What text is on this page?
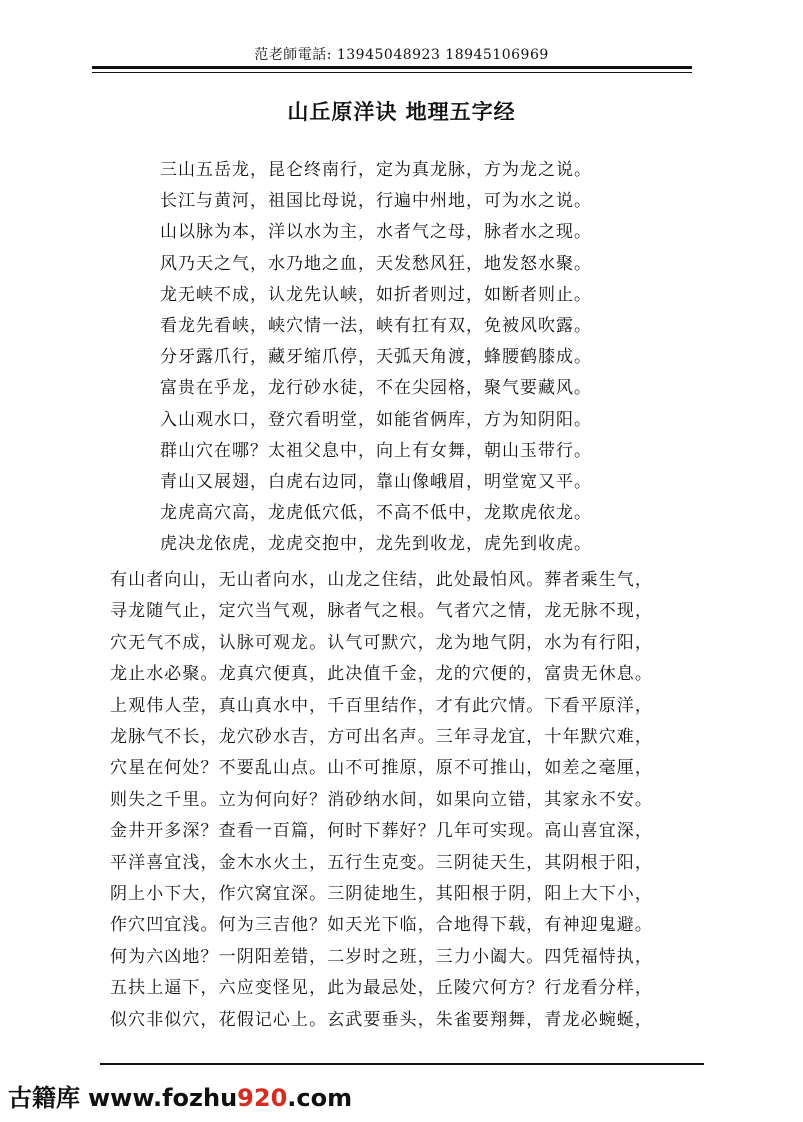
范老師電話: 13945048923 18945106969
山丘原洋诀 地理五字经
三山五岳龙，昆仑终南行，定为真龙脉，方为龙之说。
长江与黄河，祖国比母说，行遍中州地，可为水之说。
山以脉为本，洋以水为主，水者气之母，脉者水之现。
风乃天之气，水乃地之血，天发愁风狂，地发怒水聚。
龙无峡不成，认龙先认峡，如折者则过，如断者则止。
看龙先看峡，峡穴情一法，峡有扛有双，免被风吹露。
分牙露爪行，藏牙缩爪停，天弧天角渡，蜂腰鹤膝成。
富贵在乎龙，龙行砂水徒，不在尖园格，聚气要藏风。
入山观水口，登穴看明堂，如能省俩库，方为知阴阳。
群山穴在哪？太祖父息中，向上有女舞，朝山玉带行。
青山又展翅，白虎右边同，靠山像峨眉，明堂宽又平。
龙虎高穴高，龙虎低穴低，不高不低中，龙欺虎依龙。
虎决龙依虎，龙虎交抱中，龙先到收龙，虎先到收虎。
有山者向山，无山者向水，山龙之住结，此处最怕风。葬者乘生气，
寻龙随气止，定穴当气观，脉者气之根。气者穴之情，龙无脉不现，
穴无气不成，认脉可观龙。认气可默穴，龙为地气阴，水为有行阳，
龙止水必聚。龙真穴便真，此决值千金，龙的穴便的，富贵无休息。
上观伟人茔，真山真水中，千百里结作，才有此穴情。下看平原洋，
龙脉气不长，龙穴砂水吉，方可出名声。三年寻龙宜，十年默穴难，
穴星在何处？不要乱山点。山不可推原，原不可推山，如差之毫厘，
则失之千里。立为何向好？消砂纳水间，如果向立错，其家永不安。
金井开多深？查看一百篇，何时下葬好？几年可实现。高山喜宜深，
平洋喜宜浅，金木水火土，五行生克变。三阴徒天生，其阴根于阳，
阴上小下大，作穴窝宜深。三阴徒地生，其阳根于阴，阳上大下小，
作穴凹宜浅。何为三吉他？如天光下临，合地得下载，有神迎鬼避。
何为六凶地？一阴阳差错，二岁时之班，三力小阖大。四凭福恃执，
五扶上逼下，六应变怪见，此为最忌处，丘陵穴何方？行龙看分样，
似穴非似穴，花假记心上。玄武要垂头，朱雀要翔舞，青龙必蜿蜒，
古籍库 www.fozhu920.com
